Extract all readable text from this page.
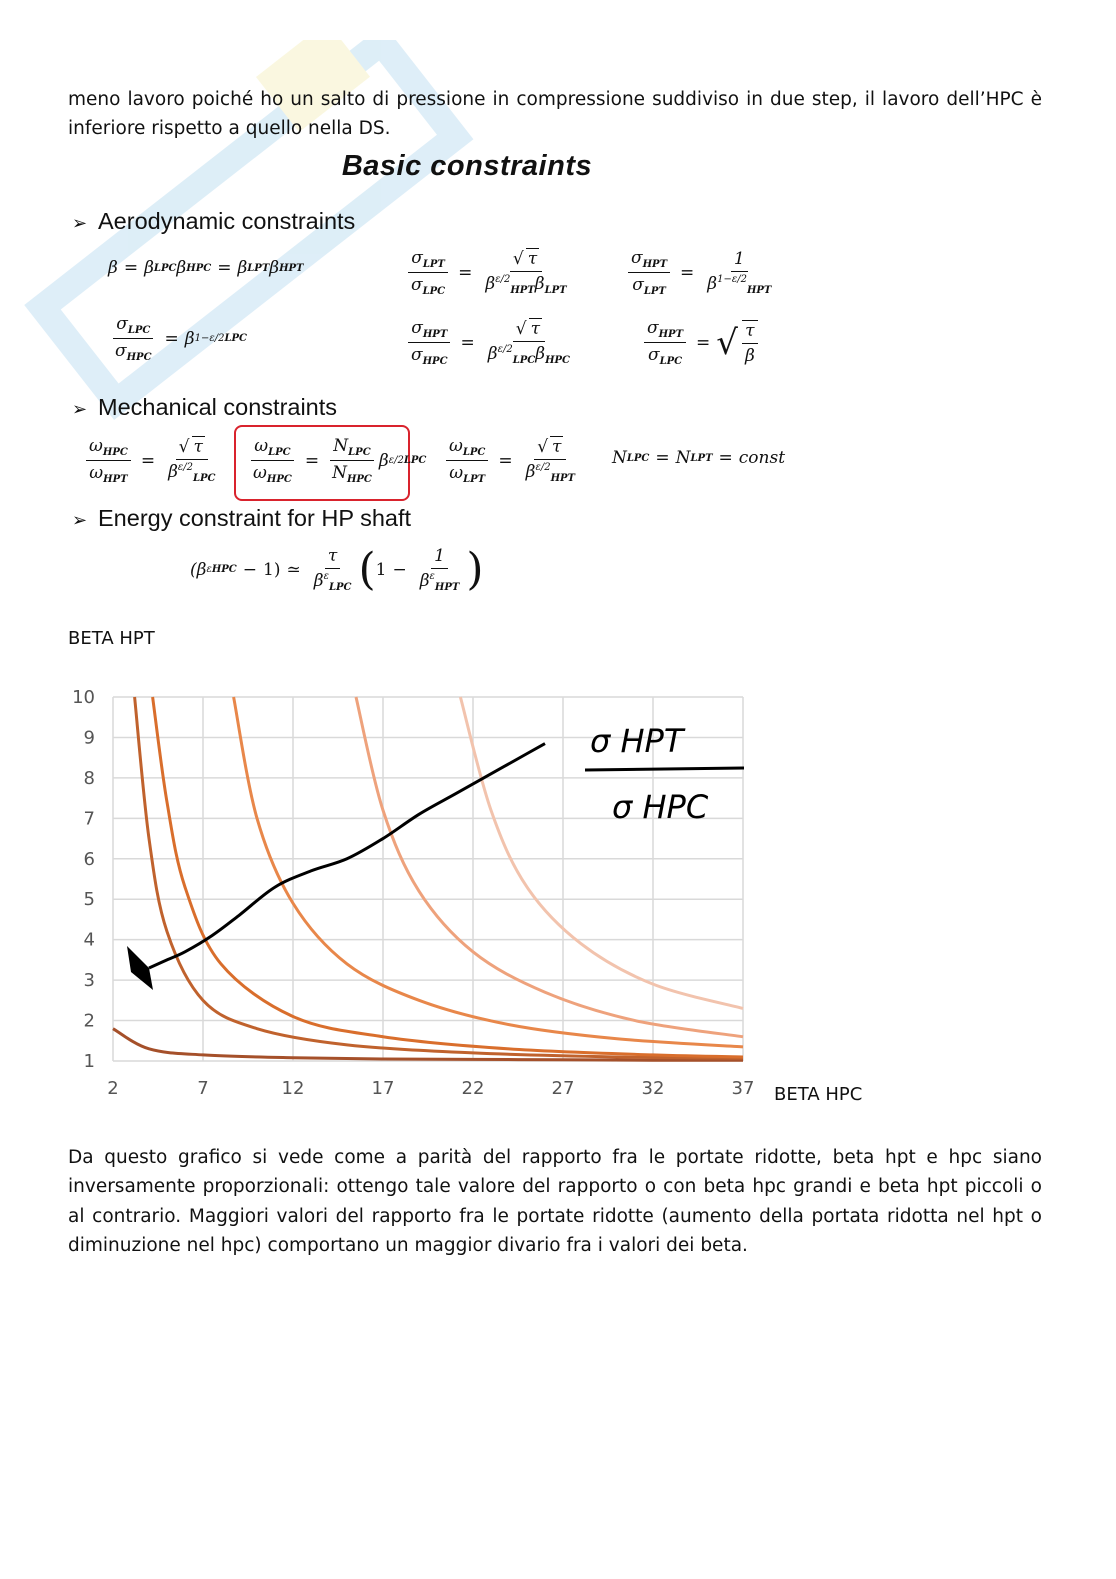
meno lavoro poiché ho un salto di pressione in compressione suddiviso in due step, il lavoro dell’HPC è inferiore rispetto a quello nella DS.

Basic constraints
➢ Aerodynamic constraints
➢ Mechanical constraints
➢ Energy constraint for HP shaft
β = β LPC β HPC = β LPT β HPT	$\frac{\sigma_{LPT}}{\sigma_{LPC}} = \frac{√ \tau}{\beta^{\varepsilon/2}_{HPT}\beta_{LPT}}$	$\frac{\sigma_{HPT}}{\sigma_{LPT}} = \frac{1}{\beta^{1-\varepsilon/2}_{HPT}}$
$\frac{\sigma_{LPC}}{\sigma_{HPC}} = \beta$ 1−ε/2 LPC	$\frac{\sigma_{HPT}}{\sigma_{HPC}} = \frac{√ \tau}{\beta^{\varepsilon/2}_{LPC}\beta_{HPC}}$	$\frac{\sigma_{HPT}}{\sigma_{LPC}}$ = √ $\frac{\tau}{\beta}$
$\frac{\omega_{HPC}}{\omega_{HPT}} = \frac{√ \tau}{\beta^{\varepsilon/2}_{LPC}} \frac{\omega_{LPC}}{\omega_{HPC}} = \frac{N_{LPC}}{N_{HPC}}$ β ε/2 LPC $\frac{\omega_{LPC}}{\omega_{LPT}} = \frac{√ \tau}{\beta^{\varepsilon/2}_{HPT}}$ N LPC = N LPT = const
(β ε HPC − 1) ≃ $\frac{\tau}{\beta^\varepsilon_{LPC}}$ ( $1 - \frac{1}{\beta^\varepsilon_{HPT}}$ )
BETA HPT
BETA HPC
2	7	12	17	22	27	32	37
1
2
3
4
5
6
7
8
9
10
σ HPT
σ HPC

Da questo grafico si vede come a parità del rapporto fra le portate ridotte, beta hpt e hpc siano inversamente proporzionali: ottengo tale valore del rapporto o con beta hpc grandi e beta hpt piccoli o al contrario. Maggiori valori del rapporto fra le portate ridotte (aumento della portata ridotta nel hpt o diminuzione nel hpc) comportano un maggior divario fra i valori dei beta.
